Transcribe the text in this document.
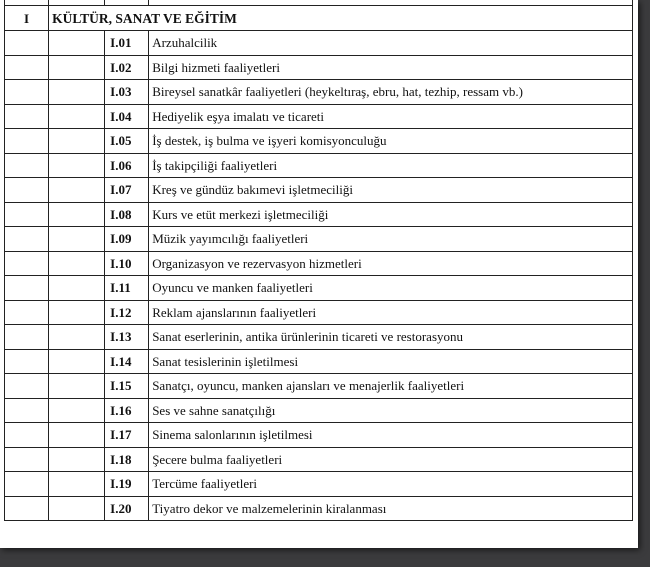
I	KÜLTÜR, SANAT VE EĞİTİM		
		I.01	Arzuhalcilik
		I.02	Bilgi hizmeti faaliyetleri
		I.03	Bireysel sanatkâr faaliyetleri (heykeltıraş, ebru, hat, tezhip, ressam vb.)
		I.04	Hediyelik eşya imalatı ve ticareti
		I.05	İş destek, iş bulma ve işyeri komisyonculuğu
		I.06	İş takipçiliği faaliyetleri
		I.07	Kreş ve gündüz bakımevi işletmeciliği
		I.08	Kurs ve etüt merkezi işletmeciliği
		I.09	Müzik yayımcılığı faaliyetleri
		I.10	Organizasyon ve rezervasyon hizmetleri
		I.11	Oyuncu ve manken faaliyetleri
		I.12	Reklam ajanslarının faaliyetleri
		I.13	Sanat eserlerinin, antika ürünlerinin ticareti ve restorasyonu
		I.14	Sanat tesislerinin işletilmesi
		I.15	Sanatçı, oyuncu, manken ajansları ve menajerlik faaliyetleri
		I.16	Ses ve sahne sanatçılığı
		I.17	Sinema salonlarının işletilmesi
		I.18	Şecere bulma faaliyetleri
		I.19	Tercüme faaliyetleri
		I.20	Tiyatro dekor ve malzemelerinin kiralanması
